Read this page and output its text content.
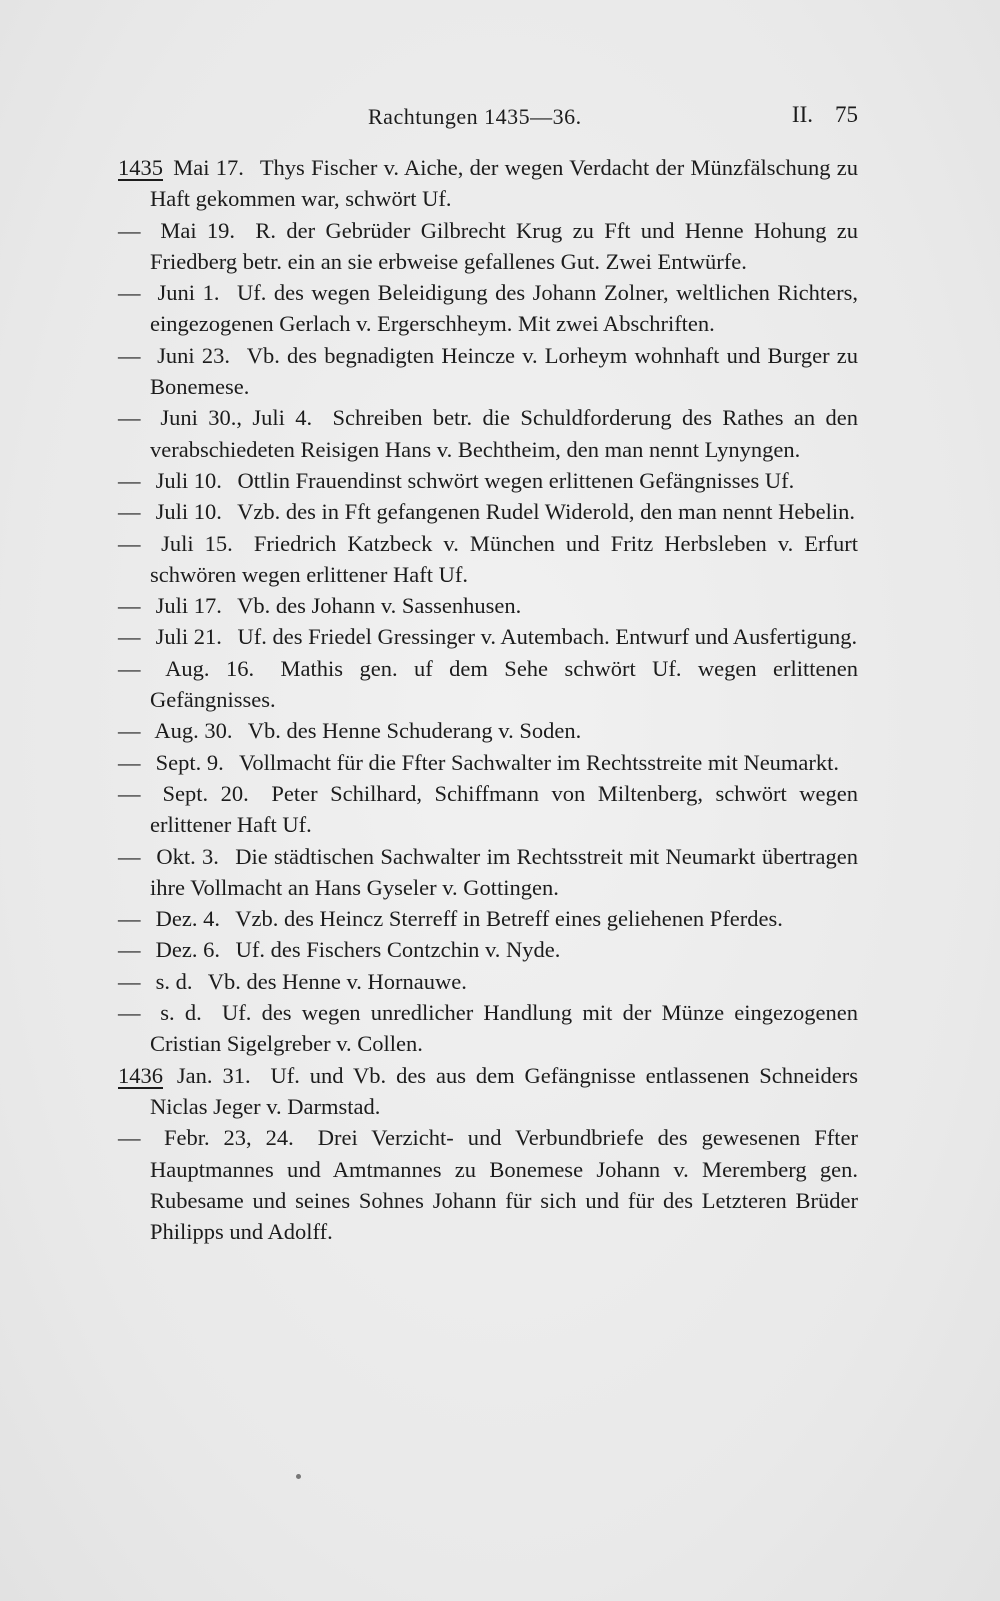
Rachtungen 1435—36.	II. 75
1435 Mai 17. Thys Fischer v. Aiche, der wegen Verdacht der Münzfälschung zu Haft gekommen war, schwört Uf.
— Mai 19. R. der Gebrüder Gilbrecht Krug zu Fft und Henne Hohung zu Friedberg betr. ein an sie erbweise gefallenes Gut. Zwei Entwürfe.
— Juni 1. Uf. des wegen Beleidigung des Johann Zolner, weltlichen Richters, eingezogenen Gerlach v. Ergerschheym. Mit zwei Abschriften.
— Juni 23. Vb. des begnadigten Heincze v. Lorheym wohnhaft und Burger zu Bonemese.
— Juni 30., Juli 4. Schreiben betr. die Schuldforderung des Rathes an den verabschiedeten Reisigen Hans v. Bechtheim, den man nennt Lynyngen.
— Juli 10. Ottlin Frauendinst schwört wegen erlittenen Gefängnisses Uf.
— Juli 10. Vzb. des in Fft gefangenen Rudel Widerold, den man nennt Hebelin.
— Juli 15. Friedrich Katzbeck v. München und Fritz Herbsleben v. Erfurt schwören wegen erlittener Haft Uf.
— Juli 17. Vb. des Johann v. Sassenhusen.
— Juli 21. Uf. des Friedel Gressinger v. Autembach. Entwurf und Ausfertigung.
— Aug. 16. Mathis gen. uf dem Sehe schwört Uf. wegen erlittenen Gefängnisses.
— Aug. 30. Vb. des Henne Schuderang v. Soden.
— Sept. 9. Vollmacht für die Ffter Sachwalter im Rechtsstreite mit Neumarkt.
— Sept. 20. Peter Schilhard, Schiffmann von Miltenberg, schwört wegen erlittener Haft Uf.
— Okt. 3. Die städtischen Sachwalter im Rechtsstreit mit Neumarkt übertragen ihre Vollmacht an Hans Gyseler v. Gottingen.
— Dez. 4. Vzb. des Heincz Sterreff in Betreff eines geliehenen Pferdes.
— Dez. 6. Uf. des Fischers Contzchin v. Nyde.
— s. d. Vb. des Henne v. Hornauwe.
— s. d. Uf. des wegen unredlicher Handlung mit der Münze eingezogenen Cristian Sigelgreber v. Collen.
1436 Jan. 31. Uf. und Vb. des aus dem Gefängnisse entlassenen Schneiders Niclas Jeger v. Darmstad.
— Febr. 23, 24. Drei Verzicht- und Verbundbriefe des gewesenen Ffter Hauptmannes und Amtmannes zu Bonemese Johann v. Meremberg gen. Rubesame und seines Sohnes Johann für sich und für des Letzteren Brüder Philipps und Adolff.
